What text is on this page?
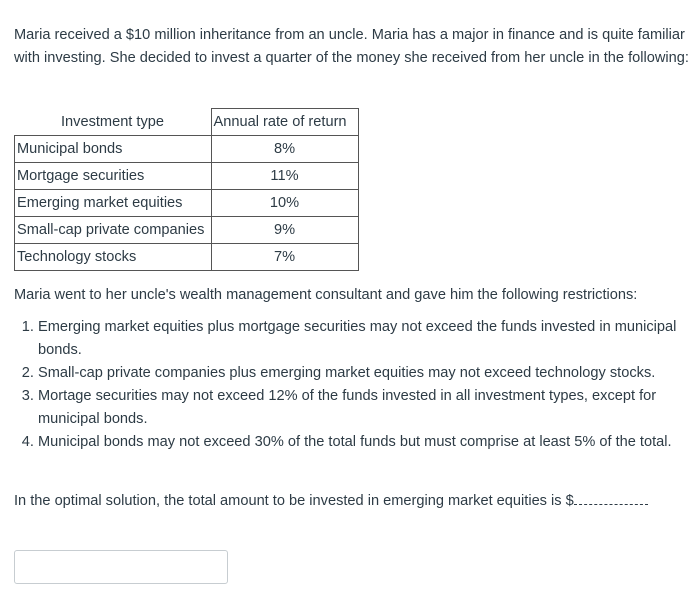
Maria received a $10 million inheritance from an uncle. Maria has a major in finance and is quite familiar with investing. She decided to invest a quarter of the money she received from her uncle in the following:

Investment type	Annual rate of return
Municipal bonds	8%
Mortgage securities	11%
Emerging market equities	10%
Small-cap private companies	9%
Technology stocks	7%

Maria went to her uncle's wealth management consultant and gave him the following restrictions:

1. Emerging market equities plus mortgage securities may not exceed the funds invested in municipal bonds.
2. Small-cap private companies plus emerging market equities may not exceed technology stocks.
3. Mortage securities may not exceed 12% of the funds invested in all investment types, except for municipal bonds.
4. Municipal bonds may not exceed 30% of the total funds but must comprise at least 5% of the total.

In the optimal solution, the total amount to be invested in emerging market equities is $
